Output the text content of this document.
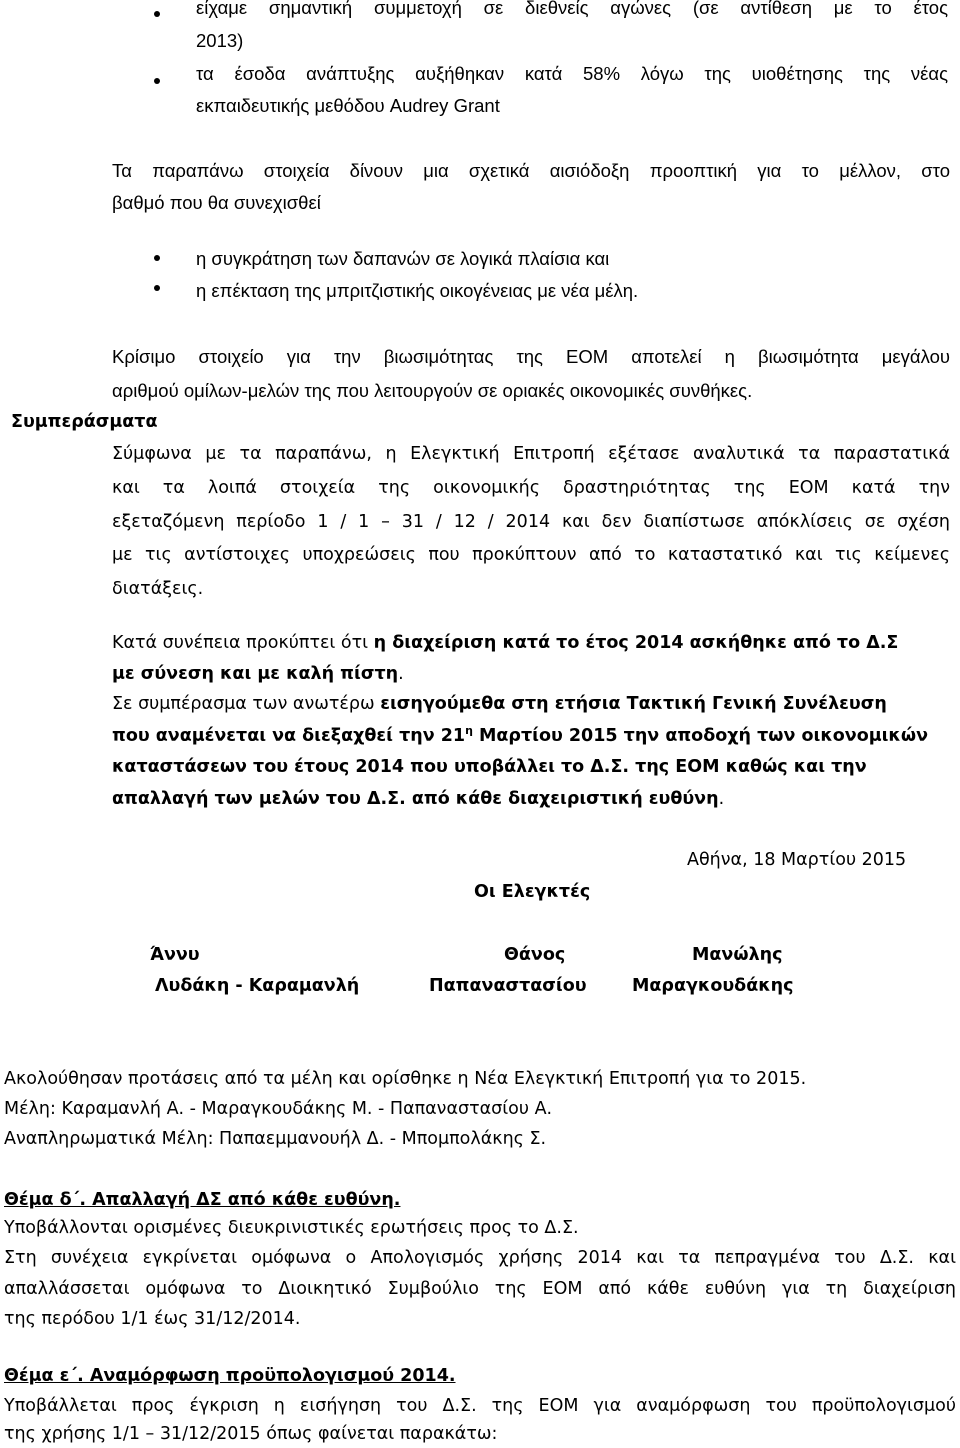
είχαμε σημαντική συμμετοχή σε διεθνείς αγώνες (σε αντίθεση με το έτος
2013)
τα έσοδα ανάπτυξης αυξήθηκαν κατά 58% λόγω της υιοθέτησης της νέας
εκπαιδευτικής μεθόδου Audrey Grant
Τα παραπάνω στοιχεία δίνουν μια σχετικά αισιόδοξη προοπτική για το μέλλον, στο
βαθμό που θα συνεχισθεί
η συγκράτηση των δαπανών σε λογικά πλαίσια και
η επέκταση της μπριτζιστικής οικογένειας με νέα μέλη.
Κρίσιμο στοιχείο για την βιωσιμότητας της ΕΟΜ αποτελεί η βιωσιμότητα μεγάλου
αριθμού ομίλων-μελών της που λειτουργούν σε οριακές οικονομικές συνθήκες.
Συμπεράσματα
Σύμφωνα με τα παραπάνω, η Ελεγκτική Επιτροπή εξέτασε αναλυτικά τα παραστατικά
και τα λοιπά στοιχεία της οικονομικής δραστηριότητας της ΕΟΜ κατά την
εξεταζόμενη περίοδο 1 / 1 – 31 / 12 / 2014 και δεν διαπίστωσε απόκλίσεις σε σχέση
με τις αντίστοιχες υποχρεώσεις που προκύπτουν από το καταστατικό και τις κείμενες
διατάξεις.
Κατά συνέπεια προκύπτει ότι η διαχείριση κατά το έτος 2014 ασκήθηκε από το Δ.Σ
με σύνεση και με καλή πίστη.
Σε συμπέρασμα των ανωτέρω εισηγούμεθα στη ετήσια Τακτική Γενική Συνέλευση
που αναμένεται να διεξαχθεί την $21^\eta$ Μαρτίου 2015 την αποδοχή των οικονομικών
καταστάσεων του έτους 2014 που υποβάλλει το Δ.Σ. της ΕΟΜ καθώς και την
απαλλαγή των μελών του Δ.Σ. από κάθε διαχειριστική ευθύνη.
Αθήνα, 18 Μαρτίου 2015
Οι Ελεγκτές
Άννυ
Λυδάκη - Καραμανλή
Θάνος
Παπαναστασίου
Μανώλης
Μαραγκουδάκης
Ακολούθησαν προτάσεις από τα μέλη και ορίσθηκε η Νέα Ελεγκτική Επιτροπή για το 2015.
Μέλη: Καραμανλή Α. - Μαραγκουδάκης Μ. - Παπαναστασίου Α.
Αναπληρωματικά Μέλη: Παπαεμμανουήλ Δ. - Μπομπολάκης Σ.
Θέμα δ΄. Απαλλαγή ΔΣ από κάθε ευθύνη.
Υποβάλλονται ορισμένες διευκρινιστικές ερωτήσεις προς το Δ.Σ.
Στη συνέχεια εγκρίνεται ομόφωνα ο Απολογισμός χρήσης 2014 και τα πεπραγμένα του Δ.Σ. και
απαλλάσσεται ομόφωνα το Διοικητικό Συμβούλιο της ΕΟΜ από κάθε ευθύνη για τη διαχείριση
της περόδου 1/1 έως 31/12/2014.
Θέμα ε΄. Αναμόρφωση προϋπολογισμού 2014.
Υποβάλλεται προς έγκριση η εισήγηση του Δ.Σ. της ΕΟΜ για αναμόρφωση του προϋπολογισμού
της χρήσης 1/1 – 31/12/2015 όπως φαίνεται παρακάτω:
